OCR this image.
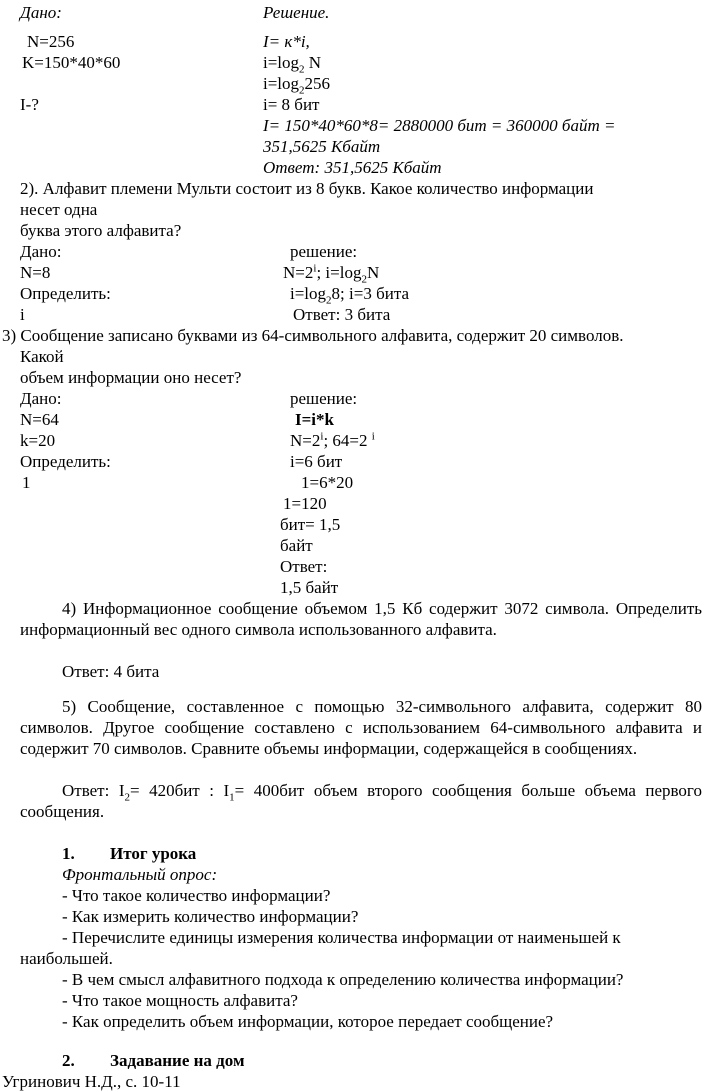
Дано:	Решение.
N=256	I= к*i,
K=150*40*60	$i=\log_2$ N
$i=\log_2256$
I-?	i= 8 бит
I= 150*40*60*8= 2880000 бит = 360000 байт =
351,5625 Кбайт
Ответ: 351,5625 Кбайт
2). Алфавит племени Мульти состоит из 8 букв. Какое количество информации
несет одна
буква этого алфавита?
Дано:	решение:
N=8	$N=2^i$; $i=\log_2N$
Определить:	$i=\log_28$; i=3 бита
i	Ответ: 3 бита
3) Сообщение записано буквами из 64-символьного алфавита, содержит 20 символов.
Какой
объем информации оно несет?
Дано:	решение:
N=64	I=i*k
k=20	$N=2^i$; 64=2 $^i$
Определить:	i=6 бит
1	1=6*20
1=120
бит= 1,5
байт
Ответ:
1,5 байт
4) Информационное сообщение объемом 1,5 Кб содержит 3072 символа. Определить информационный вес одного символа использованного алфавита.
Ответ: 4 бита
5) Сообщение, составленное с помощью 32-символьного алфавита, содержит 80 символов. Другое сообщение составлено с использованием 64-символьного алфавита и содержит 70 символов. Сравните объемы информации, содержащейся в сообщениях.
Ответ: $I_2= 420бит$ : $I_1= 400бит$ объем второго сообщения больше объема первого сообщения.
1. Итог урока
Фронтальный опрос:
- Что такое количество информации?
- Как измерить количество информации?
- Перечислите единицы измерения количества информации от наименьшей к наибольшей.
- В чем смысл алфавитного подхода к определению количества информации?
- Что такое мощность алфавита?
- Как определить объем информации, которое передает сообщение?
2. Задавание на дом
Угринович Н.Д., с. 10-11
